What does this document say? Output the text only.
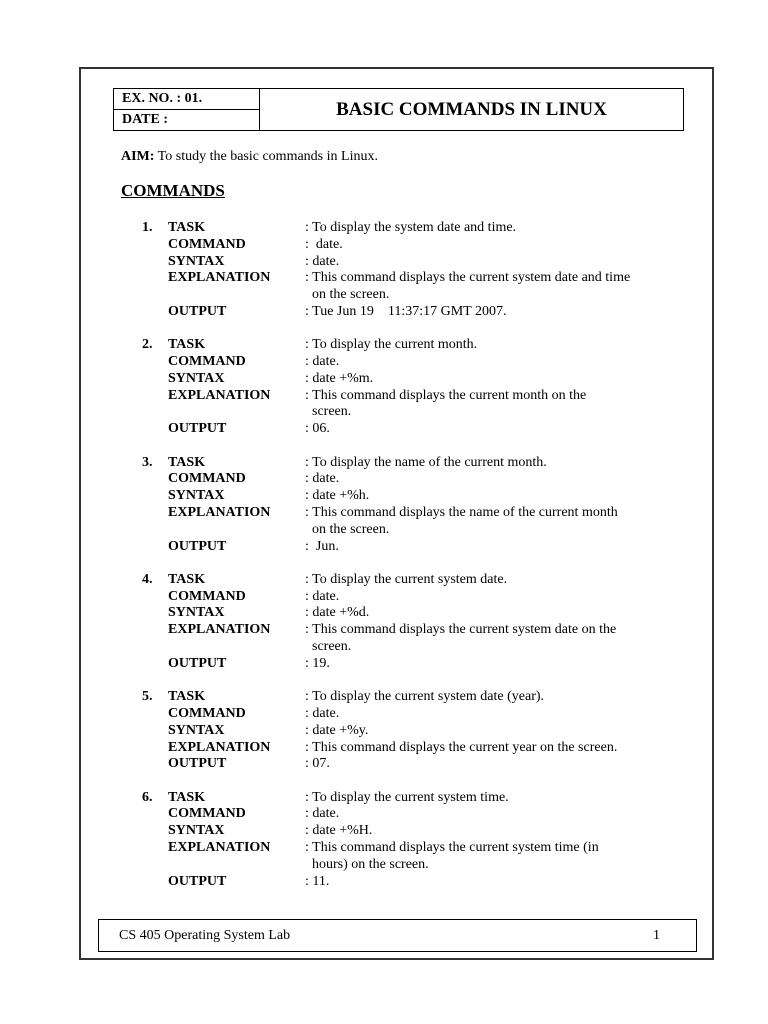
EX. NO. : 01.
DATE :	BASIC COMMANDS IN LINUX
AIM: To study the basic commands in Linux.
COMMANDS
1.	TASK	: To display the system date and time.
COMMAND	:  date.
SYNTAX	: date.
EXPLANATION : This command displays the current system date and time
on the screen.
OUTPUT	: Tue Jun 19    11:37:17 GMT 2007.
2.	TASK	: To display the current month.
COMMAND	: date.
SYNTAX	: date +%m.
EXPLANATION : This command displays the current month on the
screen.
OUTPUT	: 06.
3.	TASK	: To display the name of the current month.
COMMAND	: date.
SYNTAX	: date +%h.
EXPLANATION : This command displays the name of the current month
on the screen.
OUTPUT	:  Jun.
4.	TASK	: To display the current system date.
COMMAND	: date.
SYNTAX	: date +%d.
EXPLANATION : This command displays the current system date on the
screen.
OUTPUT	: 19.
5.	TASK	: To display the current system date (year).
COMMAND	: date.
SYNTAX	: date +%y.
EXPLANATION : This command displays the current year on the screen.
OUTPUT	: 07.
6.	TASK	: To display the current system time.
COMMAND	: date.
SYNTAX	: date +%H.
EXPLANATION : This command displays the current system time (in
hours) on the screen.
OUTPUT	: 11.
CS 405 Operating System Lab	1
